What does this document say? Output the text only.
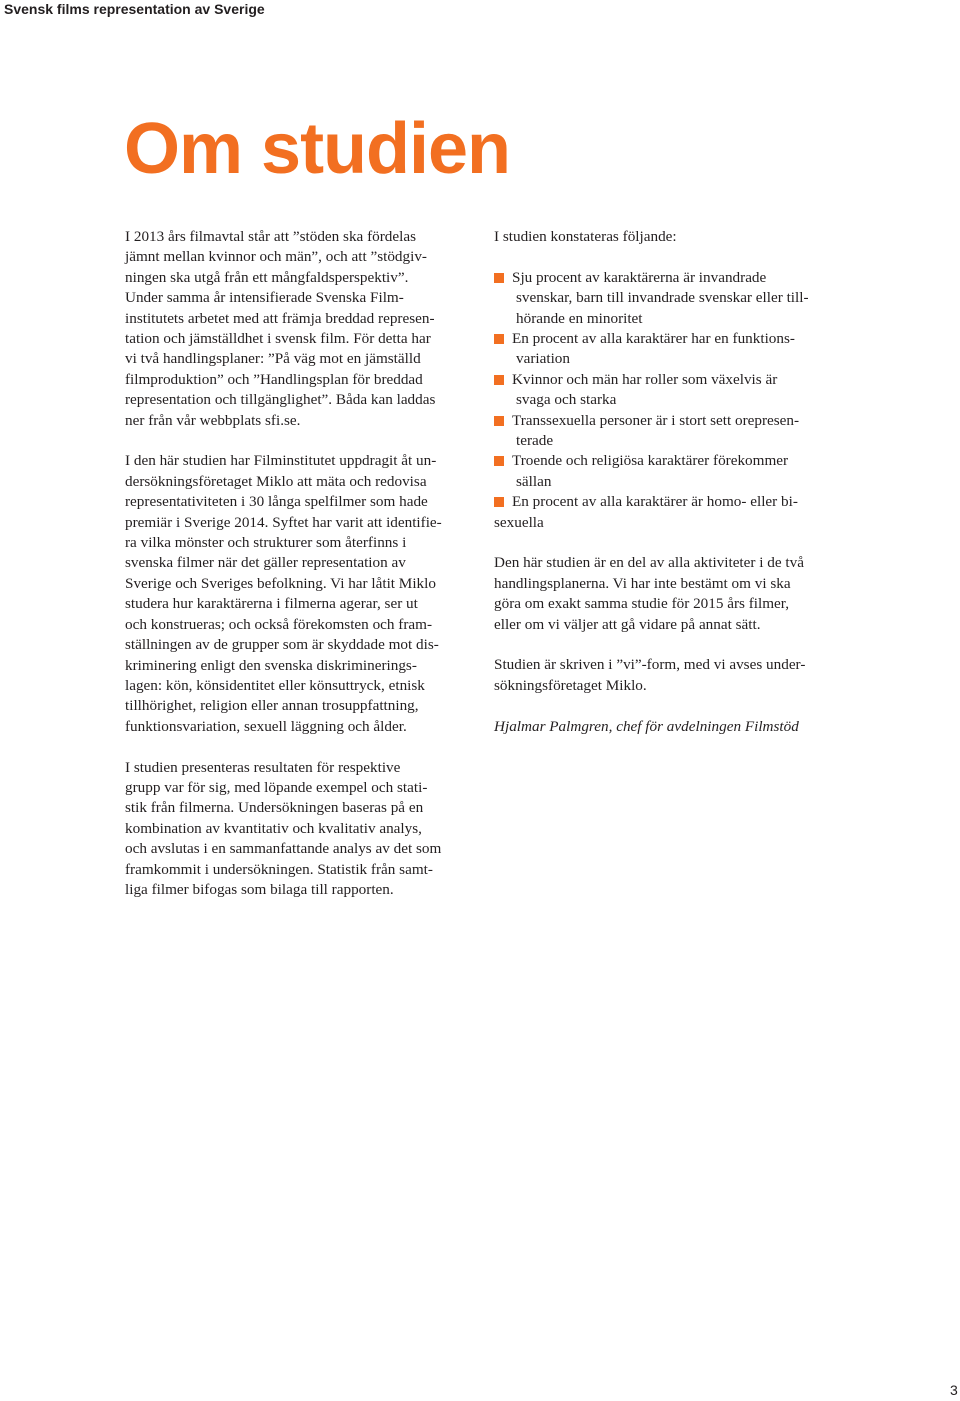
Svensk films representation av Sverige
Om studien

I 2013 års filmavtal står att ”stöden ska fördelas
jämnt mellan kvinnor och män”, och att ”stödgiv-
ningen ska utgå från ett mångfaldsperspektiv”.
Under samma år intensifierade Svenska Film-
institutets arbetet med att främja breddad represen-
tation och jämställdhet i svensk film. För detta har
vi två handlingsplaner: ”På väg mot en jämställd
filmproduktion” och ”Handlingsplan för breddad
representation och tillgänglighet”. Båda kan laddas
ner från vår webbplats sfi.se.

I den här studien har Filminstitutet uppdragit åt un-
dersökningsföretaget Miklo att mäta och redovisa
representativiteten i 30 långa spelfilmer som hade
premiär i Sverige 2014. Syftet har varit att identifie-
ra vilka mönster och strukturer som återfinns i
svenska filmer när det gäller representation av
Sverige och Sveriges befolkning. Vi har låtit Miklo
studera hur karaktärerna i filmerna agerar, ser ut
och konstrueras; och också förekomsten och fram-
ställningen av de grupper som är skyddade mot dis-
kriminering enligt den svenska diskriminerings-
lagen: kön, könsidentitet eller könsuttryck, etnisk
tillhörighet, religion eller annan trosuppfattning,
funktionsvariation, sexuell läggning och ålder.

I studien presenteras resultaten för respektive
grupp var för sig, med löpande exempel och stati-
stik från filmerna. Undersökningen baseras på en
kombination av kvantitativ och kvalitativ analys,
och avslutas i en sammanfattande analys av det som
framkommit i undersökningen. Statistik från samt-
liga filmer bifogas som bilaga till rapporten.

I studien konstateras följande:

Sju procent av karaktärerna är invandrade
svenskar, barn till invandrade svenskar eller till-
hörande en minoritet
En procent av alla karaktärer har en funktions-
variation
Kvinnor och män har roller som växelvis är
svaga och starka
Transsexuella personer är i stort sett orepresen-
terade
Troende och religiösa karaktärer förekommer
sällan
En procent av alla karaktärer är homo- eller bi-
sexuella

Den här studien är en del av alla aktiviteter i de två
handlingsplanerna. Vi har inte bestämt om vi ska
göra om exakt samma studie för 2015 års filmer,
eller om vi väljer att gå vidare på annat sätt.

Studien är skriven i ”vi”-form, med vi avses under-
sökningsföretaget Miklo.

Hjalmar Palmgren, chef för avdelningen Filmstöd

3
